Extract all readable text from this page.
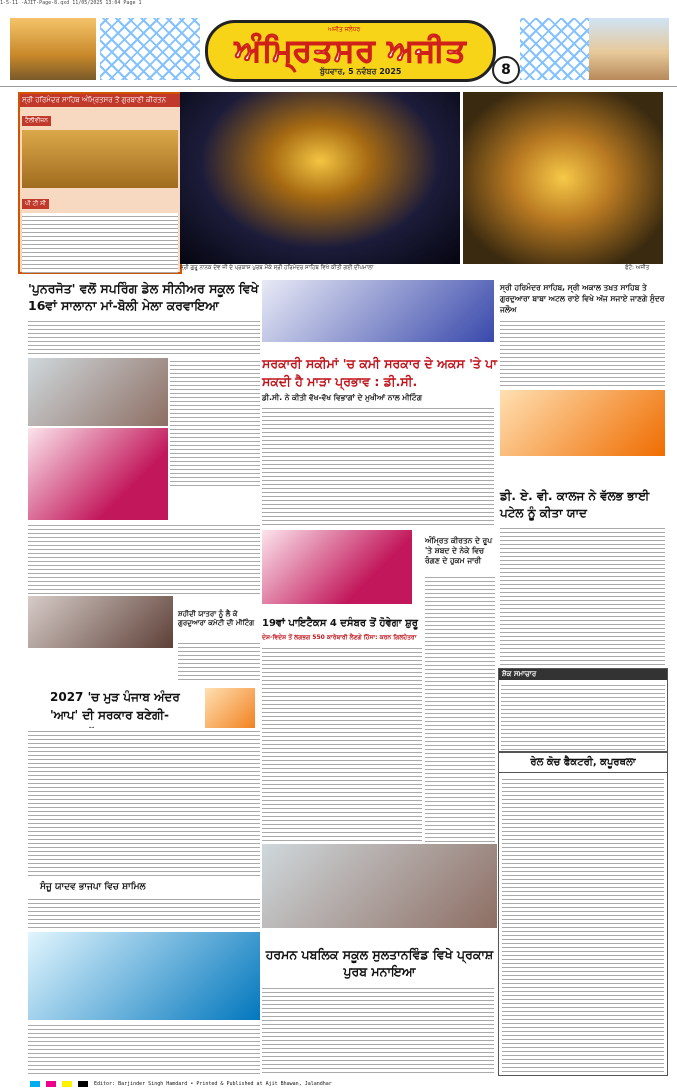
1-5-11 -AJIT-Page-8.qxd 11/05/2025 13:04 Page 1
ਅਜੀਤ ਜਲੰਧਰ
ਅੰਮ੍ਰਿਤਸਰ ਅਜੀਤ
ਬੁੱਧਵਾਰ, 5 ਨਵੰਬਰ 2025	8
ਸ੍ਰੀ ਹਰਿਮੰਦਰ ਸਾਹਿਬ ਅੰਮ੍ਰਿਤਸਰ ਤੋਂ ਗੁਰਬਾਣੀ ਕੀਰਤਨ
ਟੈਲੀਵੀਜ਼ਨ
ਪੀ ਟੀ ਸੀ
ਸ੍ਰੀ ਗੁਰੂ ਨਾਨਕ ਦੇਵ ਜੀ ਦੇ ਪ੍ਰਕਾਸ਼ ਪੁਰਬ ਮੌਕੇ ਸ੍ਰੀ ਹਰਿਮੰਦਰ ਸਾਹਿਬ ਵਿਖੇ ਕੀਤੀ ਗਈ ਦੀਪਮਾਲਾ	ਫੋਟੋ: ਅਜੀਤ
'ਪੁਨਰਜੋਤ' ਵਲੋਂ ਸਪਰਿੰਗ ਡੇਲ ਸੀਨੀਅਰ ਸਕੂਲ ਵਿਖੇ 16ਵਾਂ ਸਾਲਾਨਾ ਮਾਂ-ਬੋਲੀ ਮੇਲਾ ਕਰਵਾਇਆ
ਸ਼ਹੀਦੀ ਯਾਤਰਾ ਨੂੰ ਲੈ ਕੇ ਗੁਰਦੁਆਰਾ ਕਮੇਟੀ ਦੀ ਮੀਟਿੰਗ
2027 'ਚ ਮੁੜ ਪੰਜਾਬ ਅੰਦਰ 'ਆਪ' ਦੀ ਸਰਕਾਰ ਬਣੇਗੀ-
ਸੰਜੂ ਯਾਦਵ ਭਾਜਪਾ ਵਿਚ ਸ਼ਾਮਿਲ
ਸਰਕਾਰੀ ਸਕੀਮਾਂ 'ਚ ਕਮੀ ਸਰਕਾਰ ਦੇ ਅਕਸ 'ਤੇ ਪਾ ਸਕਦੀ ਹੈ ਮਾੜਾ ਪ੍ਰਭਾਵ : ਡੀ.ਸੀ.
ਡੀ.ਸੀ. ਨੇ ਕੀਤੀ ਵੱਖ-ਵੱਖ ਵਿਭਾਗਾਂ ਦੇ ਮੁਖੀਆਂ ਨਾਲ ਮੀਟਿੰਗ
19ਵਾਂ ਪਾਇਟੈਕਸ 4 ਦਸੰਬਰ ਤੋਂ ਹੋਵੇਗਾ ਸ਼ੁਰੂ
ਦੇਸ਼-ਵਿਦੇਸ਼ ਤੋਂ ਲਗਭਗ 550 ਕਾਰੋਬਾਰੀ ਲੈਣਗੇ ਹਿੱਸਾ: ਕਰਨ ਗਿਲਹੋਤਰਾ
ਹਰਮਨ ਪਬਲਿਕ ਸਕੂਲ ਸੁਲਤਾਨਵਿੰਡ ਵਿਖੇ ਪ੍ਰਕਾਸ਼ ਪੁਰਬ ਮਨਾਇਆ
ਅੰਮ੍ਰਿਤ ਕੀਰਤਨ ਦੇ ਰੂਪ 'ਤੇ ਸ਼ਬਦ ਦੇ ਨੇਕੇ ਵਿਚ ਰੰਗਣ ਦੇ ਹੁਕਮ ਜਾਰੀ
ਸ੍ਰੀ ਹਰਿਮੰਦਰ ਸਾਹਿਬ, ਸ੍ਰੀ ਅਕਾਲ ਤਖ਼ਤ ਸਾਹਿਬ ਤੇ ਗੁਰਦੁਆਰਾ ਬਾਬਾ ਅਟਲ ਰਾਏ ਵਿਖੇ ਅੱਜ ਸਜਾਏ ਜਾਣਗੇ ਸੁੰਦਰ ਜਲੌਅ
ਡੀ. ਏ. ਵੀ. ਕਾਲਜ ਨੇ ਵੱਲਭ ਭਾਈ ਪਟੇਲ ਨੂੰ ਕੀਤਾ ਯਾਦ
ਸ਼ੋਕ ਸਮਾਚਾਰ
ਰੇਲ ਕੋਚ ਫੈਕਟਰੀ, ਕਪੂਰਥਲਾ
Editor: Barjinder Singh Hamdard • Printed & Published at Ajit Bhawan, Jalandhar
